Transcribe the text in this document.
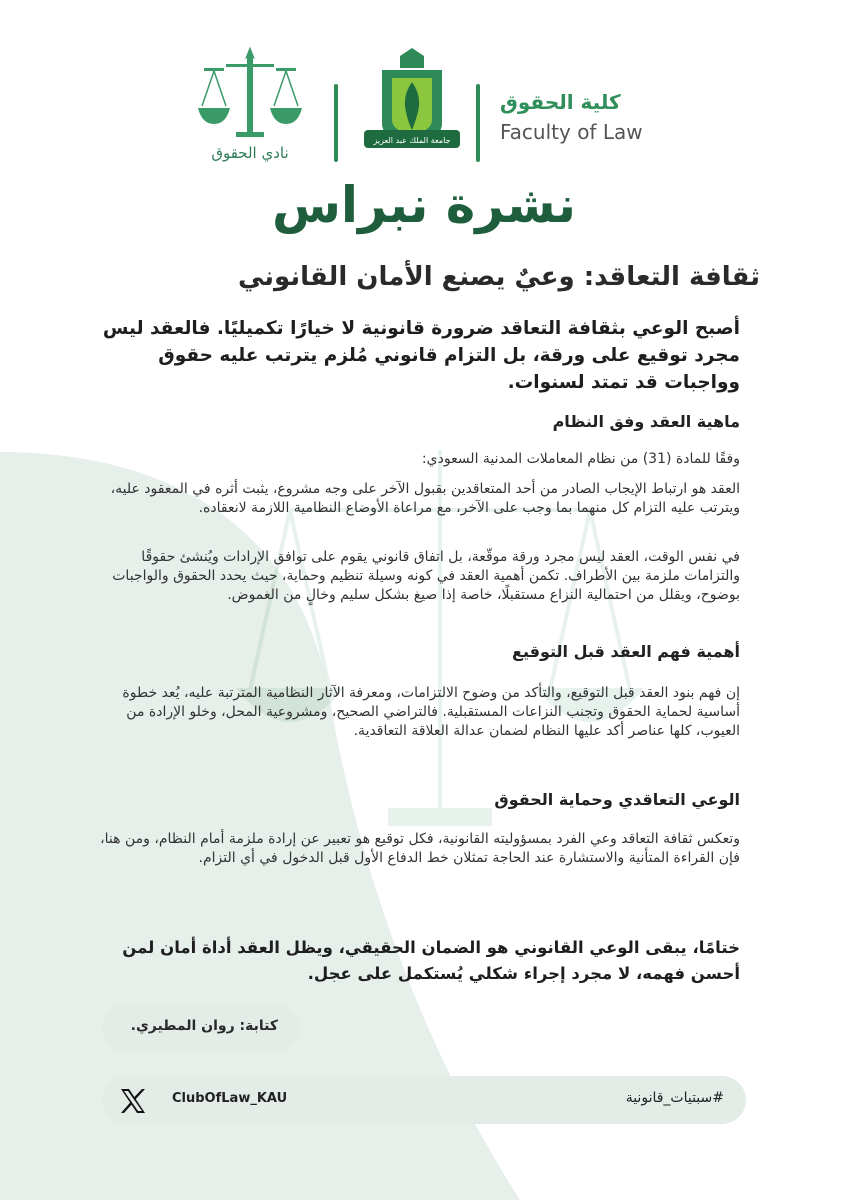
نادي الحقوق
جامعة الملك عبد العزيز
كلية الحقوق
Faculty of Law
نشرة نبراس
ثقافة التعاقد: وعيٌ يصنع الأمان القانوني
أصبح الوعي بثقافة التعاقد ضرورة قانونية لا خيارًا تكميليًا. فالعقد ليس مجرد توقيع على ورقة، بل التزام قانوني مُلزم يترتب عليه حقوق وواجبات قد تمتد لسنوات.
ماهية العقد وفق النظام
وفقًا للمادة (31) من نظام المعاملات المدنية السعودي:
العقد هو ارتباط الإيجاب الصادر من أحد المتعاقدين بقبول الآخر على وجه مشروع، يثبت أثره في المعقود عليه، ويترتب عليه التزام كل منهما بما وجب على الآخر، مع مراعاة الأوضاع النظامية اللازمة لانعقاده.
في نفس الوقت، العقد ليس مجرد ورقة موقّعة، بل اتفاق قانوني يقوم على توافق الإرادات ويُنشئ حقوقًا والتزامات ملزمة بين الأطراف. تكمن أهمية العقد في كونه وسيلة تنظيم وحماية، حيث يحدد الحقوق والواجبات بوضوح، ويقلل من احتمالية النزاع مستقبلًا، خاصة إذا صيغ بشكل سليم وخالٍ من الغموض.
أهمية فهم العقد قبل التوقيع
إن فهم بنود العقد قبل التوقيع، والتأكد من وضوح الالتزامات، ومعرفة الآثار النظامية المترتبة عليه، يُعد خطوة أساسية لحماية الحقوق وتجنب النزاعات المستقبلية. فالتراضي الصحيح، ومشروعية المحل، وخلو الإرادة من العيوب، كلها عناصر أكد عليها النظام لضمان عدالة العلاقة التعاقدية.
الوعي التعاقدي وحماية الحقوق
وتعكس ثقافة التعاقد وعي الفرد بمسؤوليته القانونية، فكل توقيع هو تعبير عن إرادة ملزمة أمام النظام، ومن هنا، فإن القراءة المتأنية والاستشارة عند الحاجة تمثلان خط الدفاع الأول قبل الدخول في أي التزام.
ختامًا، يبقى الوعي القانوني هو الضمان الحقيقي، ويظل العقد أداة أمان لمن أحسن فهمه، لا مجرد إجراء شكلي يُستكمل على عجل.
كتابة: روان المطيري.
ClubOfLaw_KAU	#سبتيات_قانونية
